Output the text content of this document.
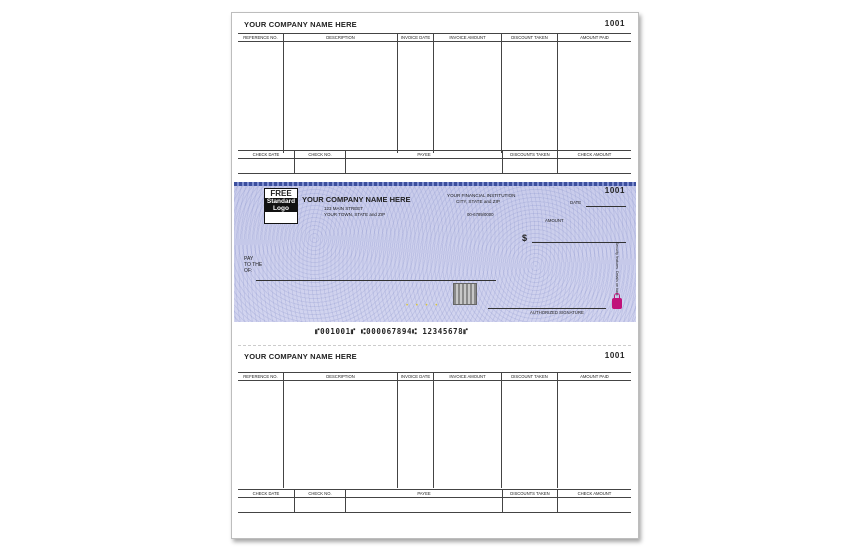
YOUR COMPANY NAME HERE	1001
REFERENCE NO.	DESCRIPTION	INVOICE DATE	INVOICE AMOUNT	DISCOUNT TAKEN	AMOUNT PAID
CHECK DATE	CHECK NO.	PAYEE	DISCOUNTS TAKEN	CHECK AMOUNT
1001
FREE
Standard
Logo
YOUR COMPANY NAME HERE
123 MAIN STREET
YOUR TOWN, STATE and ZIP
YOUR FINANCIAL INSTITUTION
CITY, STATE and ZIP
00-6789/0000
DATE
AMOUNT
$
PAY
TO THE
OF:
• • • •
AUTHORIZED SIGNATURE
Security features. Details on back.
⑈001001⑈ ⑆000067894⑆ 12345678⑈
YOUR COMPANY NAME HERE	1001
REFERENCE NO.	DESCRIPTION	INVOICE DATE	INVOICE AMOUNT	DISCOUNT TAKEN	AMOUNT PAID
CHECK DATE	CHECK NO.	PAYEE	DISCOUNTS TAKEN	CHECK AMOUNT
